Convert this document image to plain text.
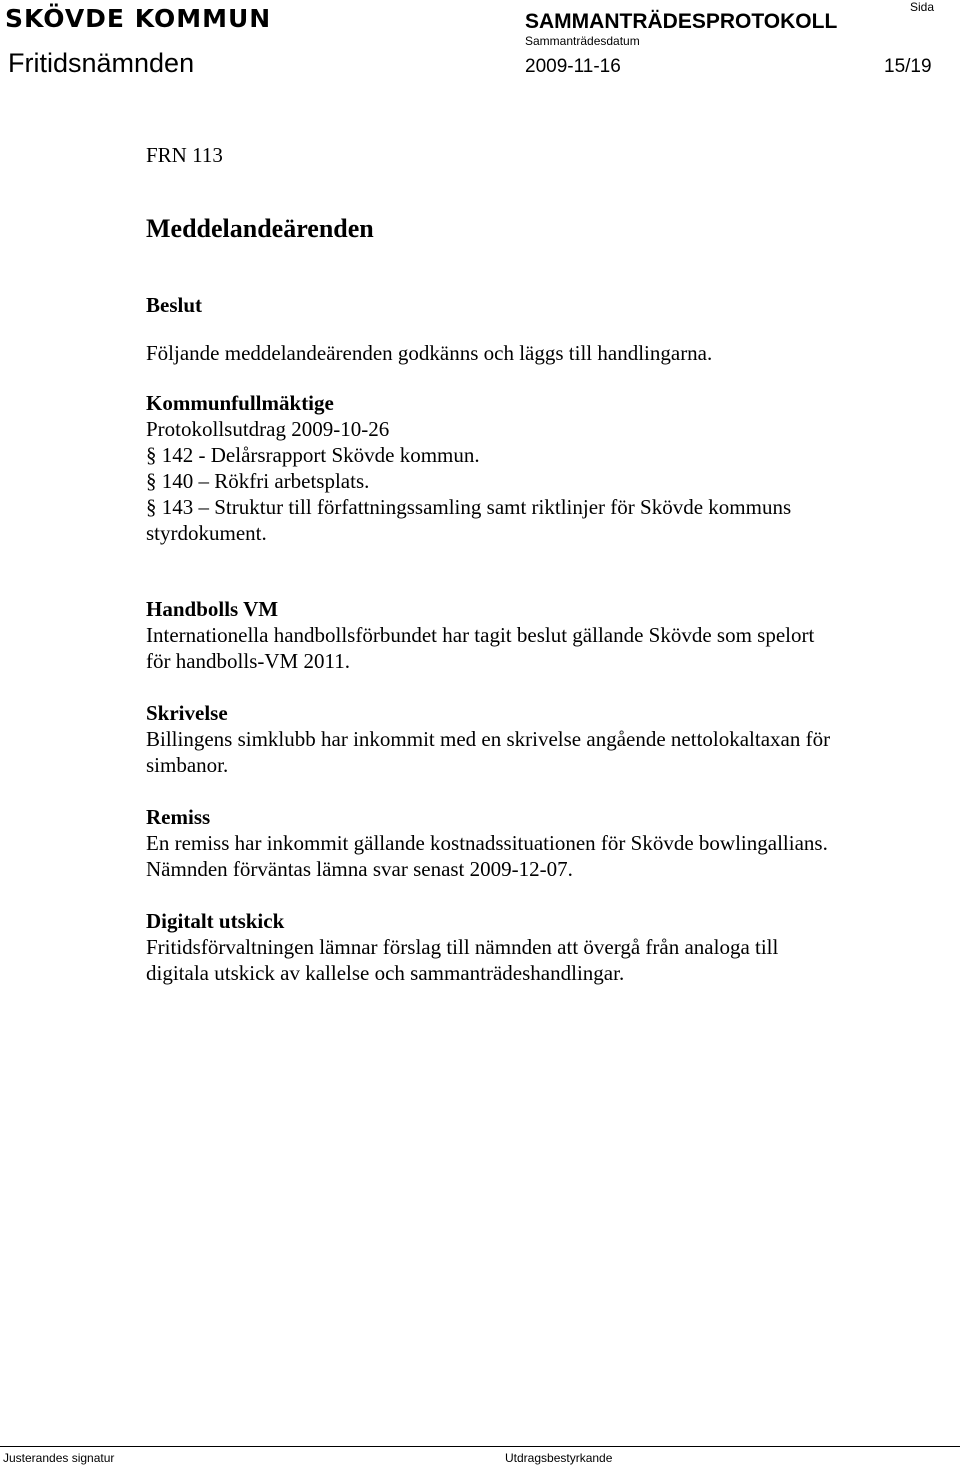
SKÖVDE KOMMUN	SAMMANTRÄDESPROTOKOLL
Sida
Sammanträdesdatum
Fritidsnämnden	2009-11-16	15/19

FRN 113

Meddelandeärenden

Beslut

Följande meddelandeärenden godkänns och läggs till handlingarna.

Kommunfullmäktige

Protokollsutdrag 2009-10-26

§ 142 - Delårsrapport Skövde kommun.

§ 140 – Rökfri arbetsplats.

§ 143 – Struktur till författningssamling samt riktlinjer för Skövde kommuns

styrdokument.

Handbolls VM

Internationella handbollsförbundet har tagit beslut gällande Skövde som spelort

för handbolls-VM 2011.

Skrivelse

Billingens simklubb har inkommit med en skrivelse angående nettolokaltaxan för

simbanor.

Remiss

En remiss har inkommit gällande kostnadssituationen för Skövde bowlingallians.

Nämnden förväntas lämna svar senast 2009-12-07.

Digitalt utskick

Fritidsförvaltningen lämnar förslag till nämnden att övergå från analoga till

digitala utskick av kallelse och sammanträdeshandlingar.

Justerandes signatur	Utdragsbestyrkande
